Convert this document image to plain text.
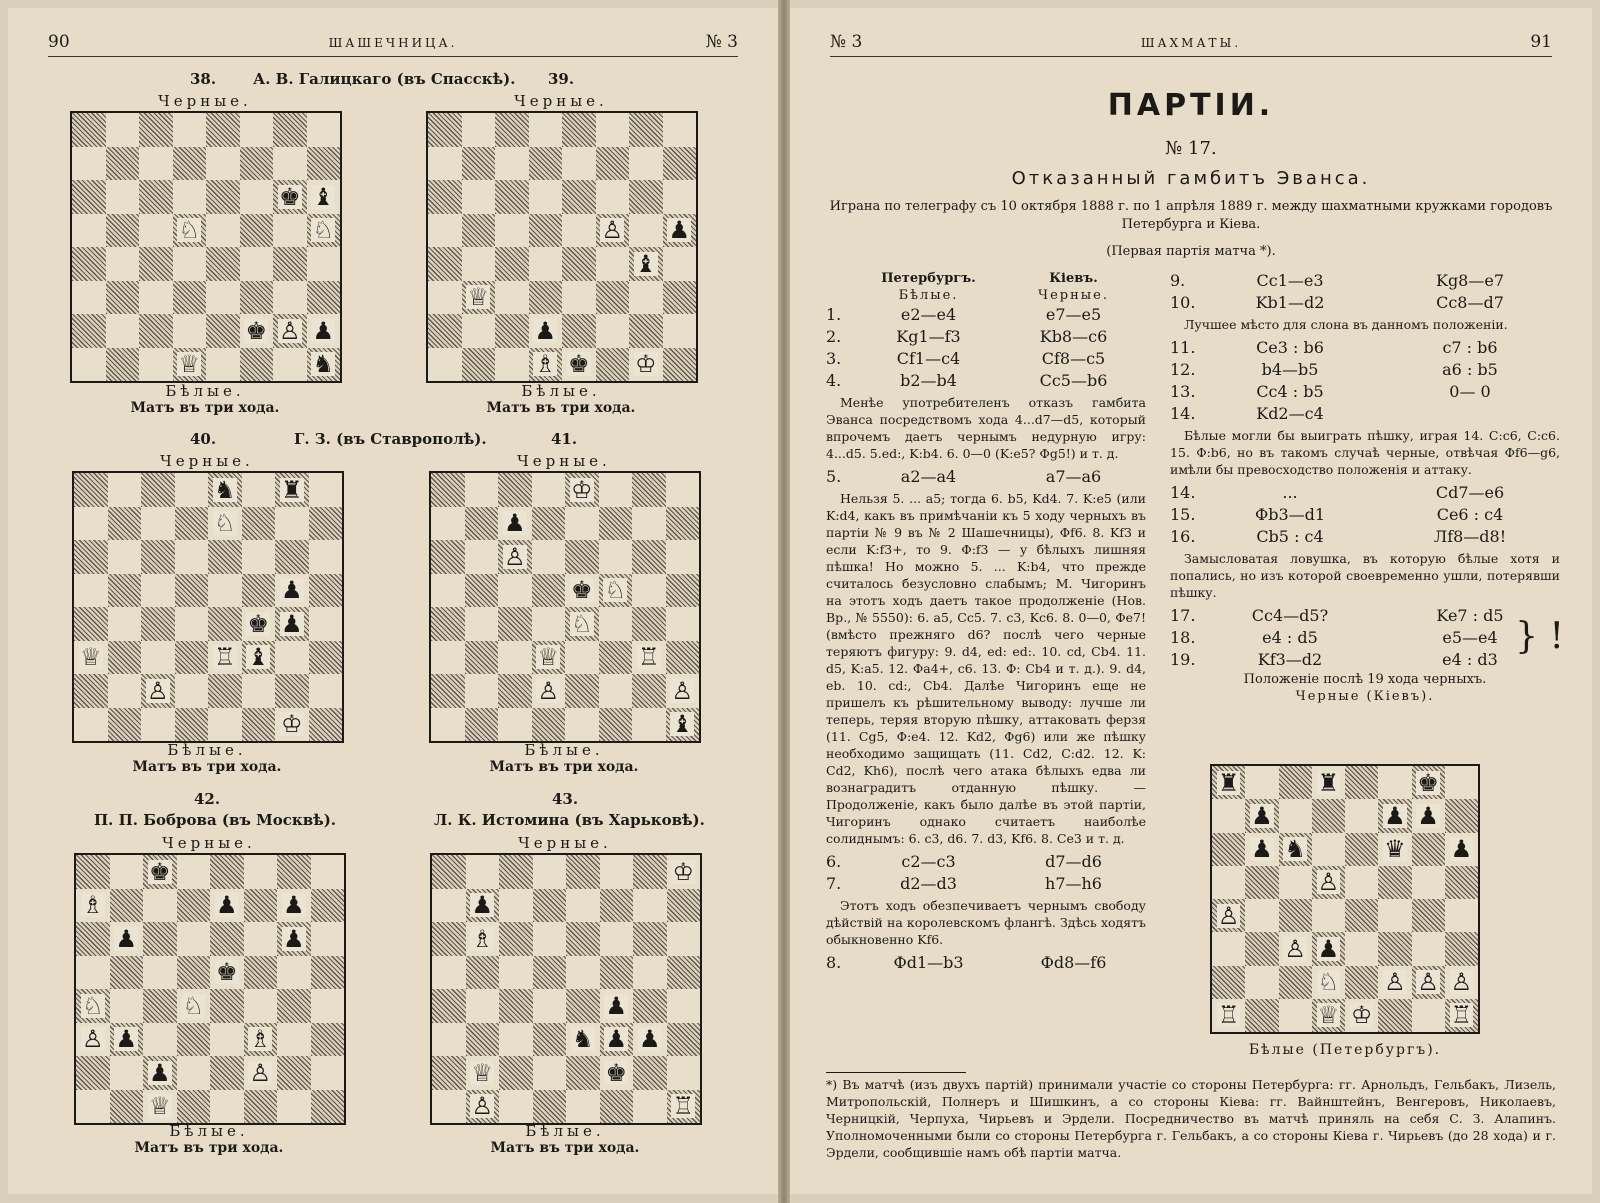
90	ШАШЕЧНИЦА.	№ 3
38. А. В. Галицкаго (въ Спасскѣ). 39.
Черные.
♚ ♝
♘	♘
♚ ♙ ♟
♕	♞
Бѣлые.
Матъ въ три хода.
Черные.
♙ ♟
♝
♕
♟
♗ ♚ ♔
Бѣлые.
Матъ въ три хода.
40.	Г. З. (въ Ставрополѣ).	41.
Черные.
♞ ♜
♘
♟
♚ ♟
♕	♖ ♝
♙
♔
Бѣлые.
Матъ въ три хода.
Черные.
♔
♟
♙
♚ ♘
♘
♕	♖
♙	♙
♝
Бѣлые.
Матъ въ три хода.
42.
П. П. Боброва (въ Москвѣ).
43.
Л. К. Истомина (въ Харьковѣ).
Черные.
♚
♗	♟ ♟
♟	♟
♚
♘	♘
♙ ♟	♗
♟	♙
♕
Бѣлые.
Матъ въ три хода.
Черные.
♔
♟
♗
♟
♞ ♟ ♟
♕	♚
♙	♖
Бѣлые.
Матъ въ три хода.
№ 3	ШАХМАТЫ.	91
ПАРТІИ.
№ 17.
Отказанный гамбитъ Эванса.
Играна по телеграфу съ 10 октября 1888 г. по 1 апрѣля 1889 г. между шахматными кружками городовъ Петербурга и Кіева.
(Первая партія матча *).
Петербургъ.	Кіевъ.
Бѣлые.	Черные.
1.	e2—e4	e7—e5
2.	Kg1—f3	Kb8—c6
3.	Cf1—c4	Cf8—c5
4.	b2—b4	Cc5—b6
Менѣе употребителенъ отказъ гамбита Эванса посредствомъ хода 4...d7—d5, который впрочемъ даетъ чернымъ недурную игру: 4...d5. 5.ed:, K:b4. 6. 0—0 (K:e5? Фg5!) и т. д.
5.	a2—a4	a7—a6
Нельзя 5. ... a5; тогда 6. b5, Kd4. 7. K:e5 (или K:d4, какъ въ примѣчаніи къ 5 ходу черныхъ въ партіи № 9 въ № 2 Шашечницы), Фf6. 8. Kf3 и если K:f3+, то 9. Ф:f3 — у бѣлыхъ лишняя пѣшка! Но можно 5. ... K:b4, что прежде считалось безусловно слабымъ; М. Чигоринъ на этотъ ходъ даетъ такое продолженіе (Нов. Вр., № 5550): 6. a5, Cc5. 7. c3, Kc6. 8. 0—0, Фe7! (вмѣсто прежняго d6? послѣ чего черные теряютъ фигуру: 9. d4, ed: ed:. 10. cd, Cb4. 11. d5, K:a5. 12. Фa4+, c6. 13. Ф: Cb4 и т. д.). 9. d4, eb. 10. cd:, Cb4. Далѣе Чигоринъ еще не пришелъ къ рѣшительному выводу: лучше ли теперь, теряя вторую пѣшку, аттаковать ферзя (11. Cg5, Ф:e4. 12. Kd2, Фg6) или же пѣшку необходимо защищать (11. Cd2, C:d2. 12. K: Cd2, Kh6), послѣ чего атака бѣлыхъ едва ли вознаградитъ отданную пѣшку. — Продолженіе, какъ было далѣе въ этой партіи, Чигоринъ однако считаетъ наиболѣе солиднымъ: 6. c3, d6. 7. d3, Kf6. 8. Ce3 и т. д.
6.	c2—c3	d7—d6
7.	d2—d3	h7—h6
Этотъ ходъ обезпечиваетъ чернымъ свободу дѣйствій на королевскомъ флангѣ. Здѣсь ходятъ обыкновенно Kf6.
8.	Фd1—b3	Фd8—f6
9.	Cc1—e3	Kg8—e7
10.	Kb1—d2	Cc8—d7
Лучшее мѣсто для слона въ данномъ положеніи.
11.	Ce3 : b6	c7 : b6
12.	b4—b5	a6 : b5
13.	Cc4 : b5	0— 0
14.	Kd2—c4
Бѣлые могли бы выиграть пѣшку, играя 14. C:c6, C:c6. 15. Ф:b6, но въ такомъ случаѣ черные, отвѣчая Фf6—g6, имѣли бы превосходство положенія и аттаку.
14.	...	Cd7—e6
15.	Фb3—d1	Ce6 : c4
16.	Cb5 : c4	Лf8—d8!
Замысловатая ловушка, въ которую бѣлые хотя и попались, но изъ которой своевременно ушли, потерявши пѣшку.
17.	Cc4—d5?	Ke7 : d5
18.	e4 : d5	e5—e4
19.	Kf3—d2	e4 : d3
} !
Положеніе послѣ 19 хода черныхъ.
Черные (Кіевъ).
♜	♜	♚
♟	♟ ♟
♟ ♞	♛ ♟
♙
♙
♙ ♟
♘ ♙ ♙ ♙
♖	♕ ♔	♖
Бѣлые (Петербургъ).
*) Въ матчѣ (изъ двухъ партій) принимали участіе со стороны Петербурга: гг. Арнольдъ, Гельбакъ, Лизель, Митропольскій, Полнеръ и Шишкинъ, а со стороны Кіева: гг. Вайнштейнъ, Венгеровъ, Николаевъ, Черницкій, Черпуха, Чирьевъ и Эрдели. Посредничество въ матчѣ приняль на себя С. З. Алапинъ. Уполномоченными были со стороны Петербурга г. Гельбакъ, а со стороны Кіева г. Чирьевъ (до 28 хода) и г. Эрдели, сообщившіе намъ обѣ партіи матча.
